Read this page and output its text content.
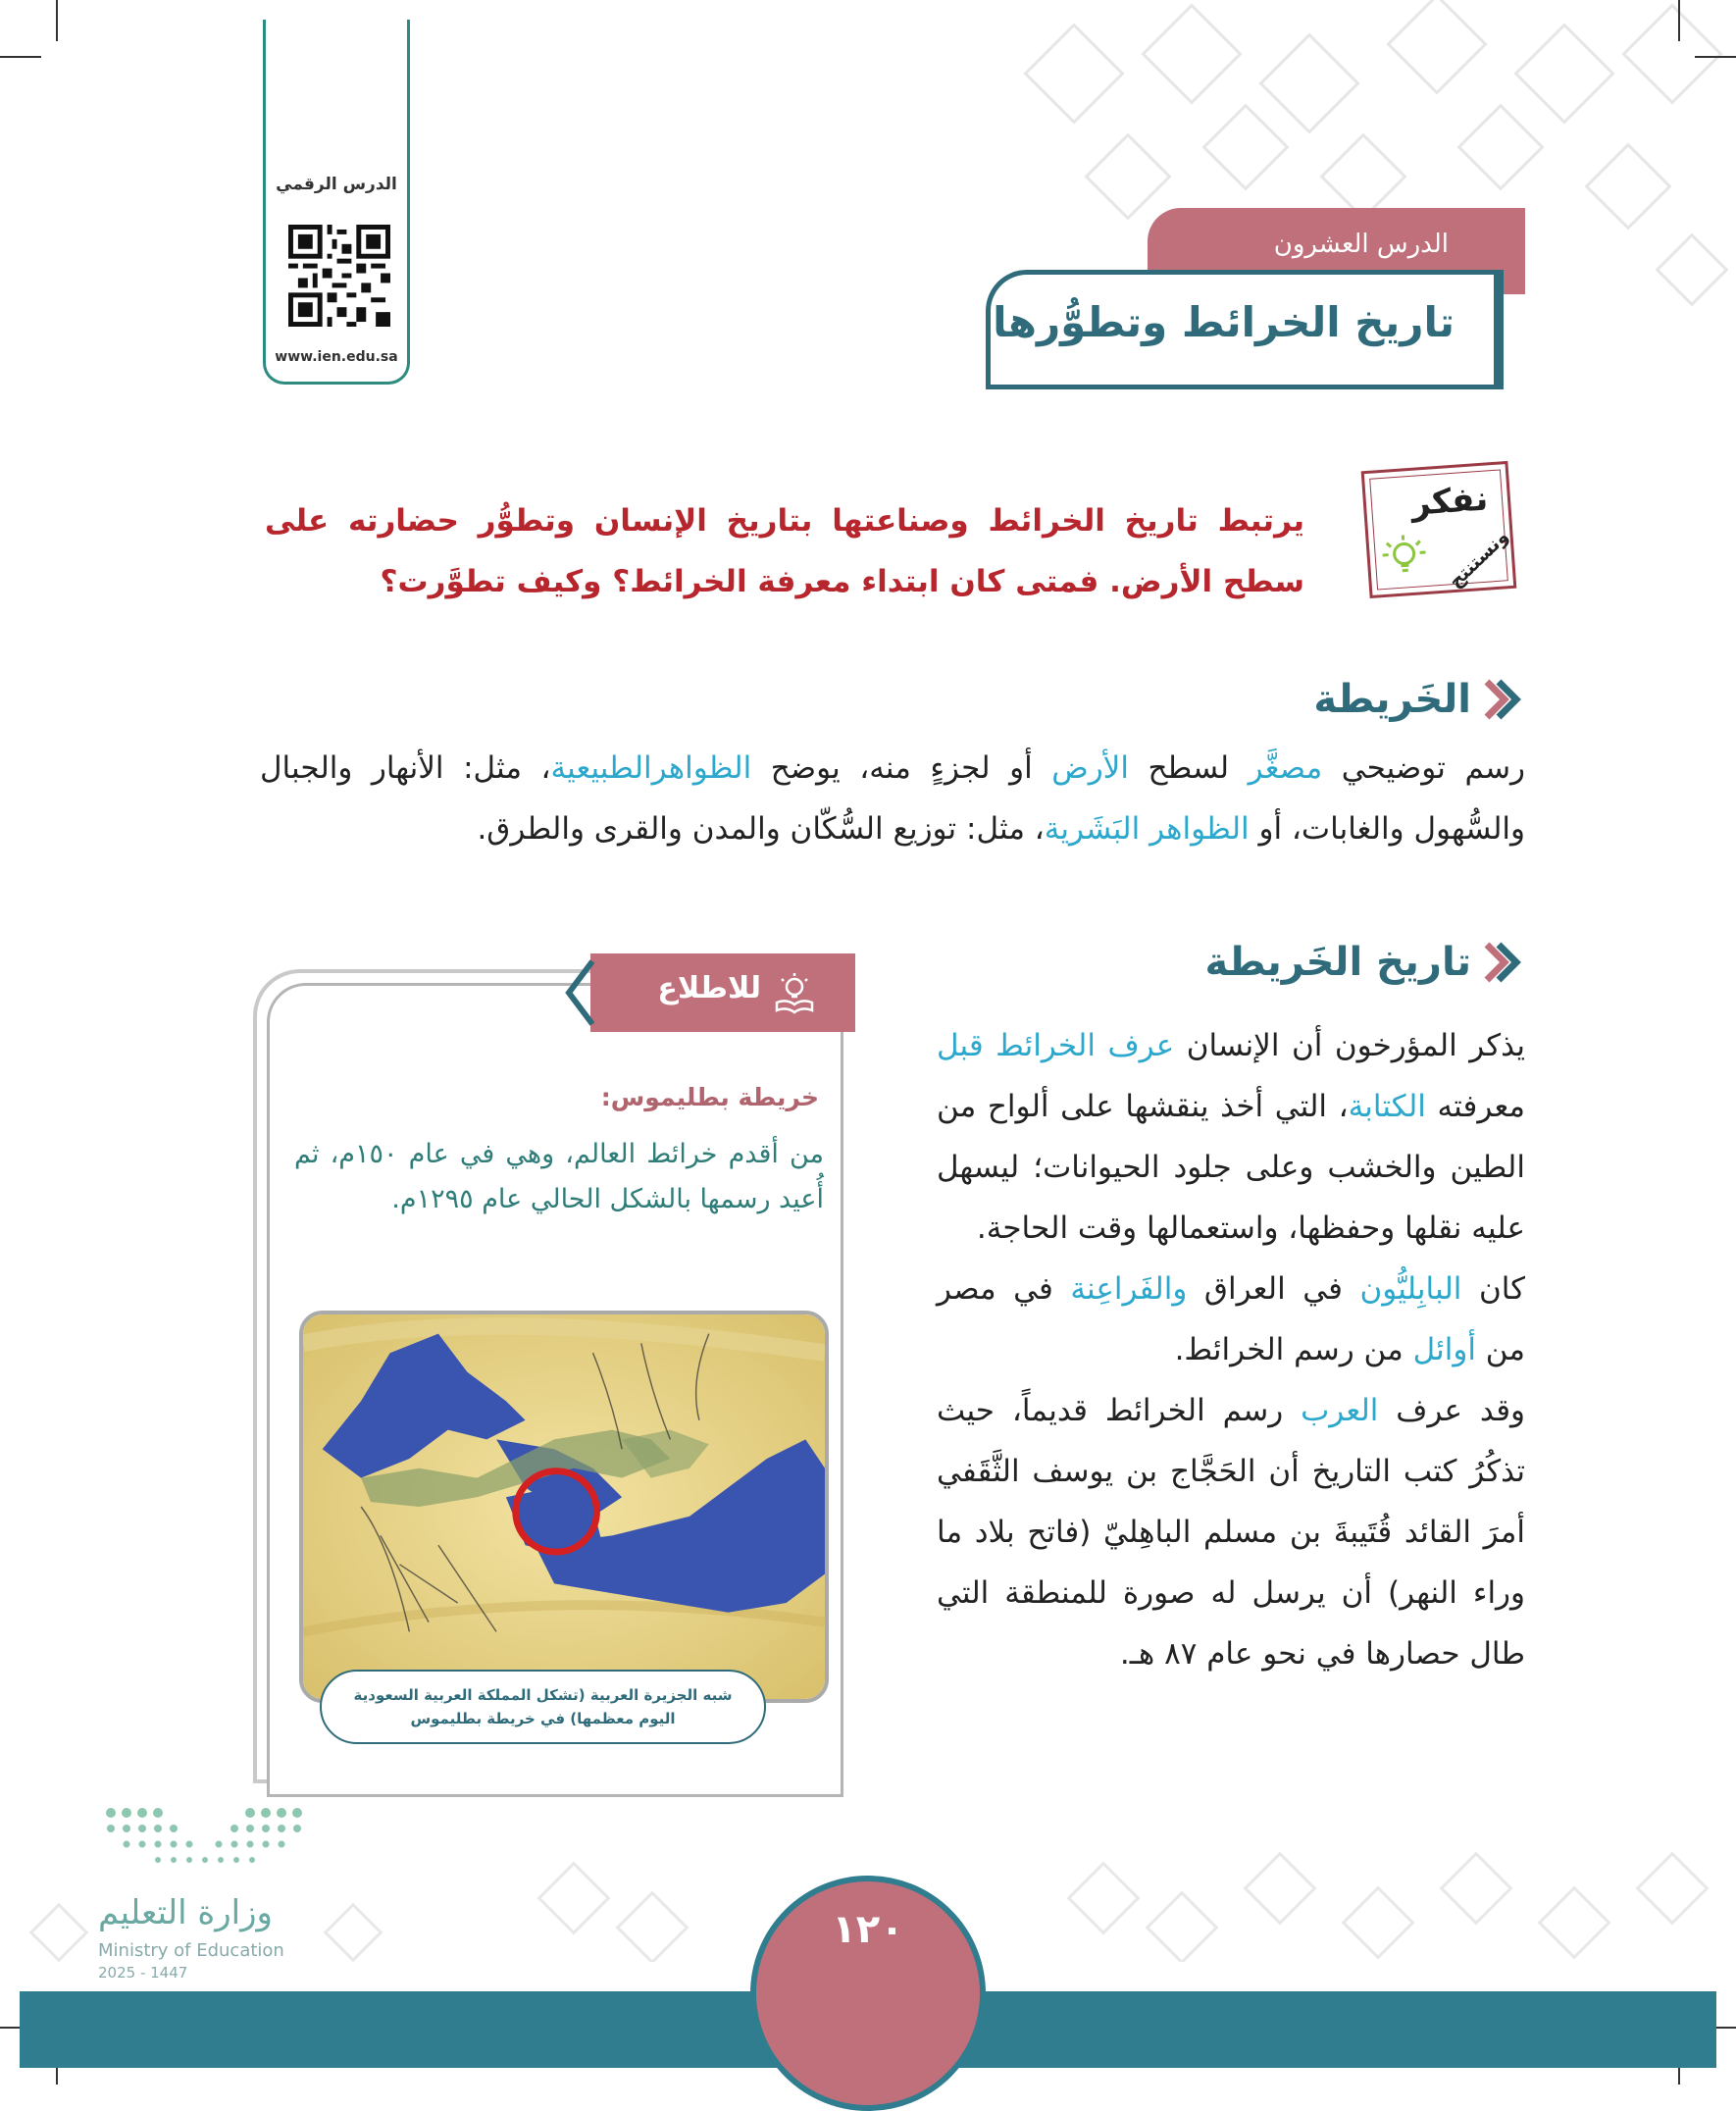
الدرس الرقمي
www.ien.edu.sa
الدرس العشرون
تاريخ الخرائط وتطوُّرها
نفكر
ونستنتج
يرتبط تاريخ الخرائط وصناعتها بتاريخ الإنسان وتطوُّر حضارته على سطح الأرض. فمتى كان ابتداء معرفة الخرائط؟ وكيف تطوَّرت؟
الخَريطة
رسم توضيحي مصغَّر لسطح الأرض أو لجزءٍ منه، يوضح الظواهرالطبيعية، مثل: الأنهار والجبال والسُّهول والغابات، أو الظواهر البَشَرية، مثل: توزيع السُّكّان والمدن والقرى والطرق.
تاريخ الخَريطة

يذكر المؤرخون أن الإنسان عرف الخرائط قبل معرفته الكتابة، التي أخذ ينقشها على ألواح من الطين والخشب وعلى جلود الحيوانات؛ ليسهل عليه نقلها وحفظها، واستعمالها وقت الحاجة.

كان البابِليُّون في العراق والفَراعِنة في مصر من أوائل من رسم الخرائط.

وقد عرف العرب رسم الخرائط قديماً، حيث تذكُرُ كتب التاريخ أن الحَجَّاج بن يوسف الثَّقَفي أمرَ القائد قُتَيبةَ بن مسلم الباهِليّ (فاتح بلاد ما وراء النهر) أن يرسل له صورة للمنطقة التي طال حصارها في نحو عام ٨٧ هـ.

للاطلاع
خريطة بطليموس:
من أقدم خرائط العالم، وهي في عام ١٥٠م، ثم أُعيد رسمها بالشكل الحالي عام ١٢٩٥م.
شبه الجزيرة العربية (تشكل المملكة العربية السعودية اليوم معظمها) في خريطة بطليموس
وزارة التعليم
Ministry of Education
2025 - 1447
١٢٠
